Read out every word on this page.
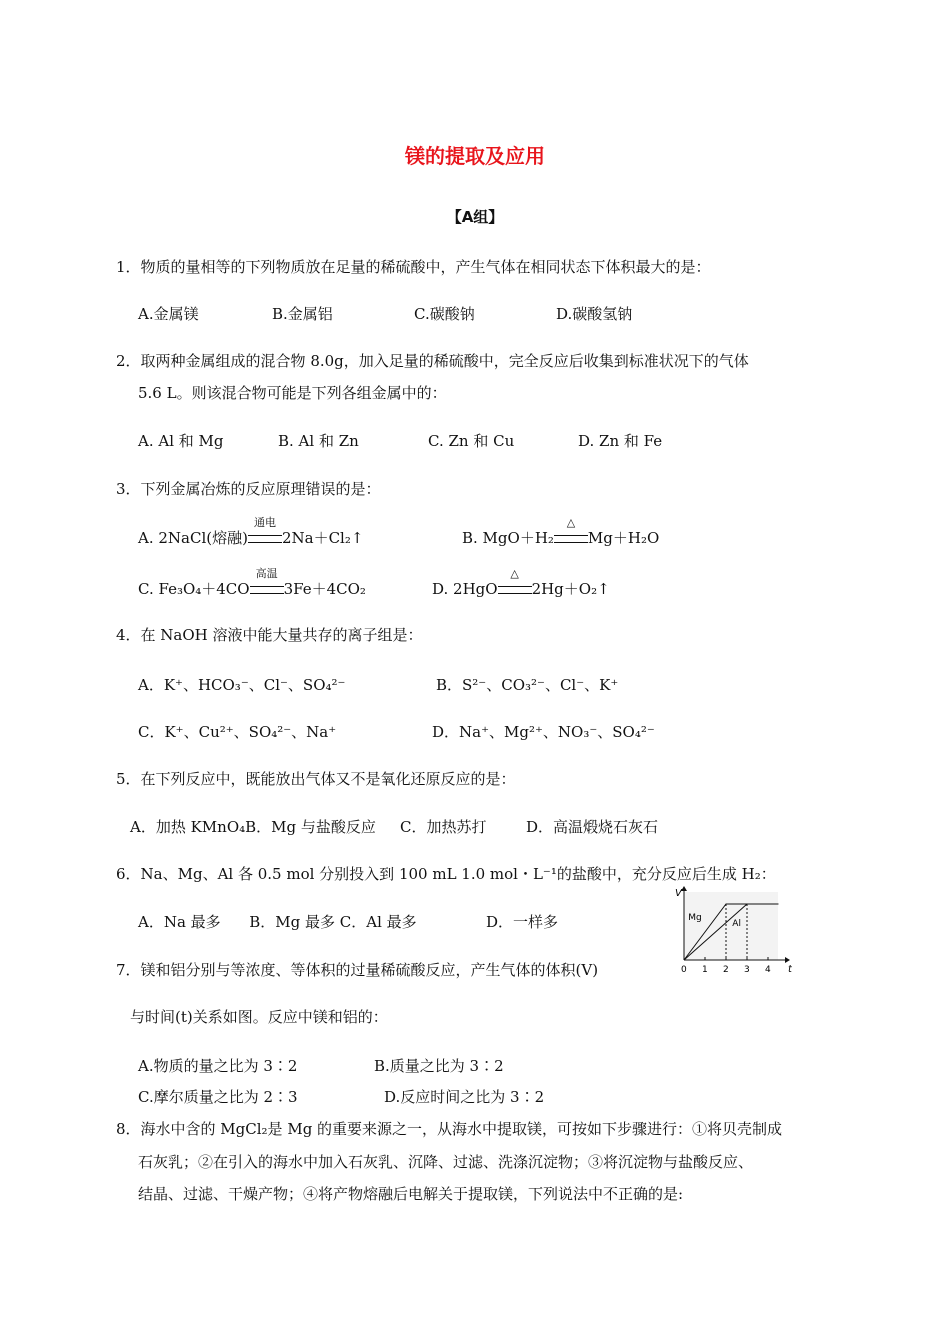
镁的提取及应用
【A组】
1．物质的量相等的下列物质放在足量的稀硫酸中，产生气体在相同状态下体积最大的是：
A.金属镁	B.金属铝	C.碳酸钠	D.碳酸氢钠
2．取两种金属组成的混合物 8.0g，加入足量的稀硫酸中，完全反应后收集到标准状况下的气体
5.6 L。则该混合物可能是下列各组金属中的：
A. Al 和 Mg	B. Al 和 Zn	C. Zn 和 Cu	D. Zn 和 Fe
3．下列金属冶炼的反应原理错误的是：
A. 2NaCl(熔融)
通电
2Na＋Cl₂↑	B. MgO＋H₂
△
Mg＋H₂O
C. Fe₃O₄＋4CO
高温
3Fe＋4CO₂	D. 2HgO
△
2Hg＋O₂↑
4．在 NaOH 溶液中能大量共存的离子组是：
A．K⁺、HCO₃⁻、Cl⁻、SO₄²⁻	B．S²⁻、CO₃²⁻、Cl⁻、K⁺
C．K⁺、Cu²⁺、SO₄²⁻、Na⁺	D．Na⁺、Mg²⁺、NO₃⁻、SO₄²⁻
5．在下列反应中，既能放出气体又不是氧化还原反应的是：
A．加热 KMnO₄B．Mg 与盐酸反应 C．加热苏打	D．高温煅烧石灰石
6．Na、Mg、Al 各 0.5 mol 分别投入到 100 mL 1.0 mol・L⁻¹的盐酸中，充分反应后生成 H₂：
A．Na 最多      B．Mg 最多 C．Al 最多	D．一样多
V
t
0 1 2 3 4
Mg
Al
7．镁和铝分别与等浓度、等体积的过量稀硫酸反应，产生气体的体积(V)
与时间(t)关系如图。反应中镁和铝的：
A.物质的量之比为 3∶2	B.质量之比为 3∶2
C.摩尔质量之比为 2∶3	D.反应时间之比为 3∶2
8．海水中含的 MgCl₂是 Mg 的重要来源之一，从海水中提取镁，可按如下步骤进行：①将贝壳制成
石灰乳；②在引入的海水中加入石灰乳、沉降、过滤、洗涤沉淀物；③将沉淀物与盐酸反应、
结晶、过滤、干燥产物；④将产物熔融后电解关于提取镁，下列说法中不正确的是:
